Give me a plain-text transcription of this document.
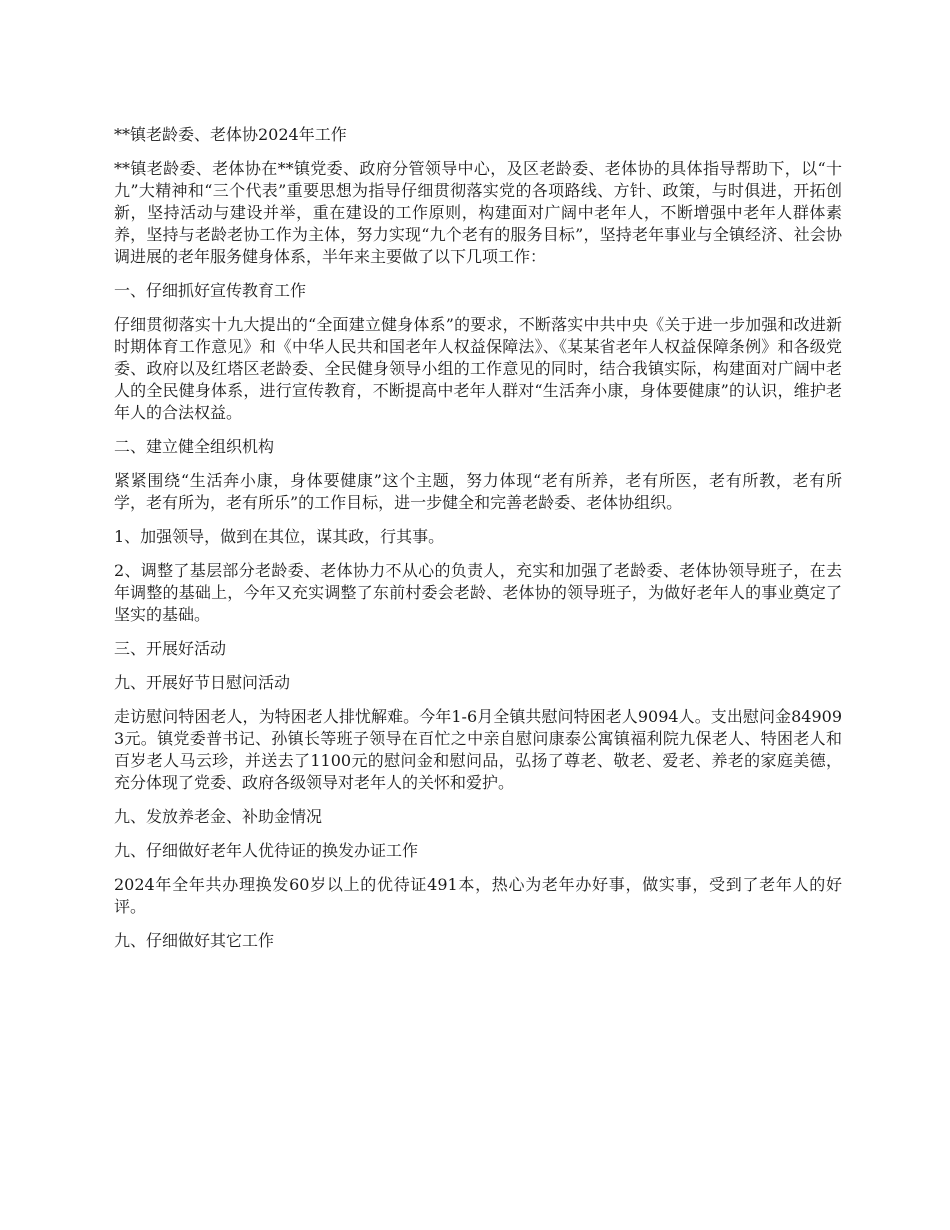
**镇老龄委、老体协2024年工作

**镇老龄委、老体协在**镇党委、政府分管领导中心，及区老龄委、老体协的具体指导帮助下，以“十九”大精神和“三个代表”重要思想为指导仔细贯彻落实党的各项路线、方针、政策，与时俱进，开拓创新，坚持活动与建设并举，重在建设的工作原则，构建面对广阔中老年人，不断增强中老年人群体素养，坚持与老龄老协工作为主体，努力实现“九个老有的服务目标”，坚持老年事业与全镇经济、社会协调进展的老年服务健身体系，半年来主要做了以下几项工作：

一、仔细抓好宣传教育工作

仔细贯彻落实十九大提出的“全面建立健身体系”的要求，不断落实中共中央《关于进一步加强和改进新时期体育工作意见》和《中华人民共和国老年人权益保障法》、《某某省老年人权益保障条例》和各级党委、政府以及红塔区老龄委、全民健身领导小组的工作意见的同时，结合我镇实际，构建面对广阔中老人的全民健身体系，进行宣传教育，不断提高中老年人群对“生活奔小康，身体要健康”的认识，维护老年人的合法权益。

二、建立健全组织机构

紧紧围绕“生活奔小康，身体要健康”这个主题，努力体现“老有所养，老有所医，老有所教，老有所学，老有所为，老有所乐”的工作目标，进一步健全和完善老龄委、老体协组织。

1、加强领导，做到在其位，谋其政，行其事。

2、调整了基层部分老龄委、老体协力不从心的负责人，充实和加强了老龄委、老体协领导班子，在去年调整的基础上，今年又充实调整了东前村委会老龄、老体协的领导班子，为做好老年人的事业奠定了坚实的基础。

三、开展好活动

九、开展好节日慰问活动

走访慰问特困老人，为特困老人排忧解难。今年1-6月全镇共慰问特困老人9094人。支出慰问金849093元。镇党委普书记、孙镇长等班子领导在百忙之中亲自慰问康泰公寓镇福利院九保老人、特困老人和百岁老人马云珍，并送去了1100元的慰问金和慰问品，弘扬了尊老、敬老、爱老、养老的家庭美德，充分体现了党委、政府各级领导对老年人的关怀和爱护。

九、发放养老金、补助金情况

九、仔细做好老年人优待证的换发办证工作

2024年全年共办理换发60岁以上的优待证491本，热心为老年办好事，做实事，受到了老年人的好评。

九、仔细做好其它工作
